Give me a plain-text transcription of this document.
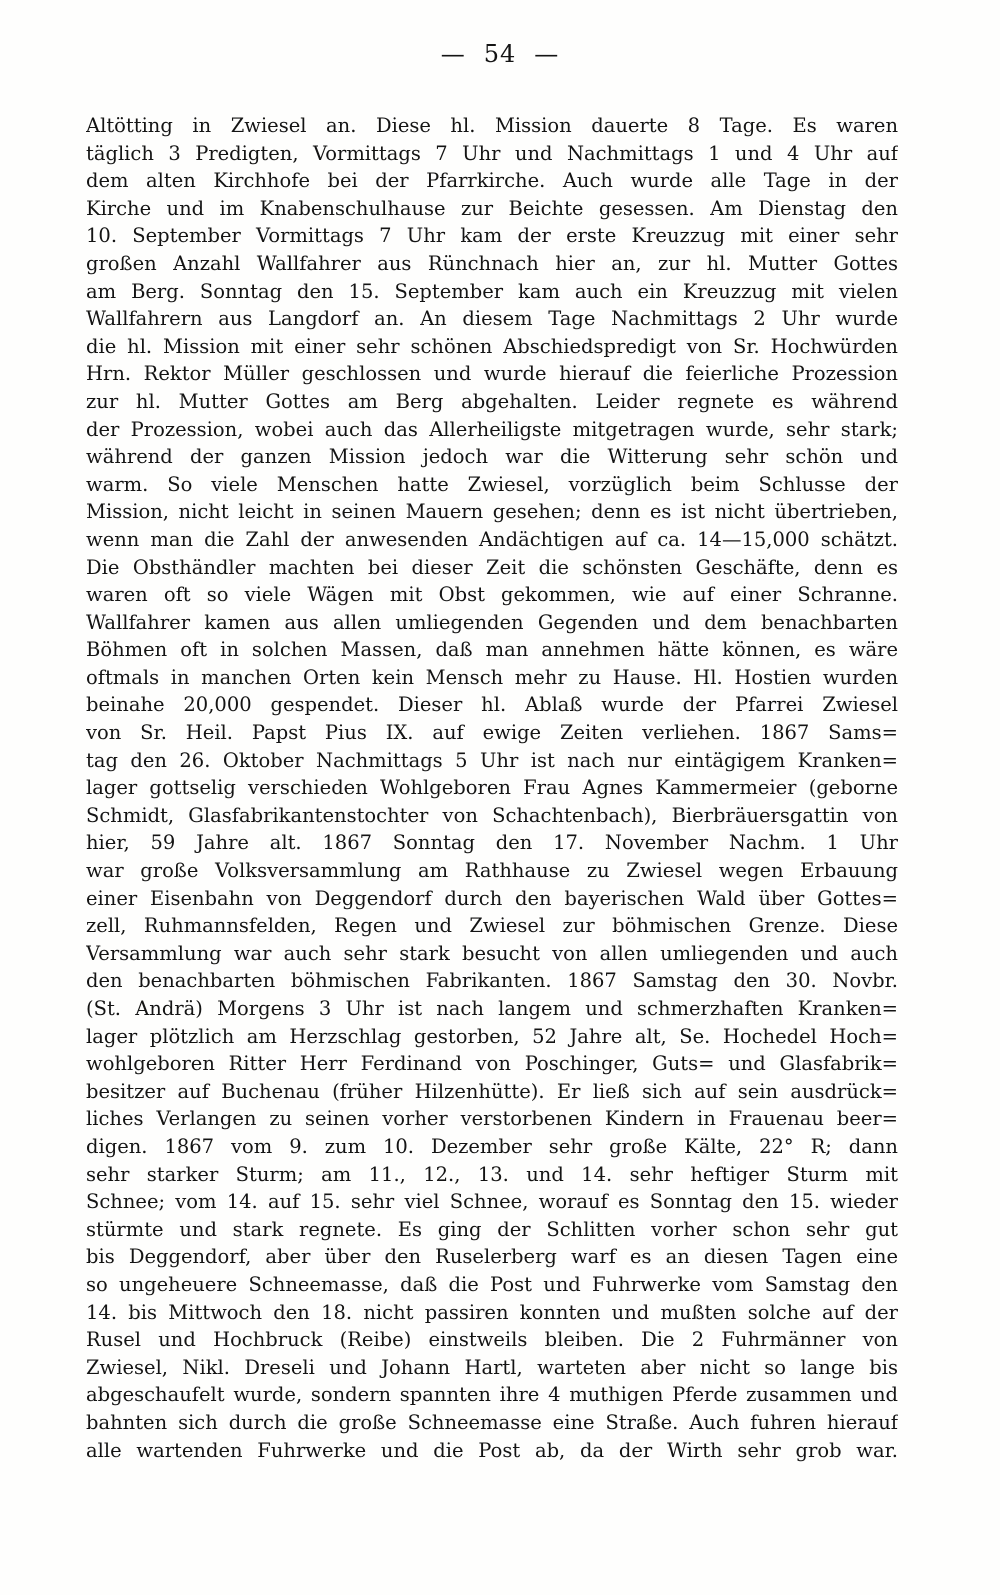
— 54 —
Altötting in Zwiesel an. Diese hl. Mission dauerte 8 Tage. Es waren
täglich 3 Predigten, Vormittags 7 Uhr und Nachmittags 1 und 4 Uhr auf
dem alten Kirchhofe bei der Pfarrkirche. Auch wurde alle Tage in der
Kirche und im Knabenschulhause zur Beichte gesessen. Am Dienstag den
10. September Vormittags 7 Uhr kam der erste Kreuzzug mit einer sehr
großen Anzahl Wallfahrer aus Rünchnach hier an, zur hl. Mutter Gottes
am Berg. Sonntag den 15. September kam auch ein Kreuzzug mit vielen
Wallfahrern aus Langdorf an. An diesem Tage Nachmittags 2 Uhr wurde
die hl. Mission mit einer sehr schönen Abschiedspredigt von Sr. Hochwürden
Hrn. Rektor Müller geschlossen und wurde hierauf die feierliche Prozession
zur hl. Mutter Gottes am Berg abgehalten. Leider regnete es während
der Prozession, wobei auch das Allerheiligste mitgetragen wurde, sehr stark;
während der ganzen Mission jedoch war die Witterung sehr schön und
warm. So viele Menschen hatte Zwiesel, vorzüglich beim Schlusse der
Mission, nicht leicht in seinen Mauern gesehen; denn es ist nicht übertrieben,
wenn man die Zahl der anwesenden Andächtigen auf ca. 14—15,000 schätzt.
Die Obsthändler machten bei dieser Zeit die schönsten Geschäfte, denn es
waren oft so viele Wägen mit Obst gekommen, wie auf einer Schranne.
Wallfahrer kamen aus allen umliegenden Gegenden und dem benachbarten
Böhmen oft in solchen Massen, daß man annehmen hätte können, es wäre
oftmals in manchen Orten kein Mensch mehr zu Hause. Hl. Hostien wurden
beinahe 20,000 gespendet. Dieser hl. Ablaß wurde der Pfarrei Zwiesel
von Sr. Heil. Papst Pius IX. auf ewige Zeiten verliehen. 1867 Sams=
tag den 26. Oktober Nachmittags 5 Uhr ist nach nur eintägigem Kranken=
lager gottselig verschieden Wohlgeboren Frau Agnes Kammermeier (geborne
Schmidt, Glasfabrikantenstochter von Schachtenbach), Bierbräuersgattin von
hier, 59 Jahre alt. 1867 Sonntag den 17. November Nachm. 1 Uhr
war große Volksversammlung am Rathhause zu Zwiesel wegen Erbauung
einer Eisenbahn von Deggendorf durch den bayerischen Wald über Gottes=
zell, Ruhmannsfelden, Regen und Zwiesel zur böhmischen Grenze. Diese
Versammlung war auch sehr stark besucht von allen umliegenden und auch
den benachbarten böhmischen Fabrikanten. 1867 Samstag den 30. Novbr.
(St. Andrä) Morgens 3 Uhr ist nach langem und schmerzhaften Kranken=
lager plötzlich am Herzschlag gestorben, 52 Jahre alt, Se. Hochedel Hoch=
wohlgeboren Ritter Herr Ferdinand von Poschinger, Guts= und Glasfabrik=
besitzer auf Buchenau (früher Hilzenhütte). Er ließ sich auf sein ausdrück=
liches Verlangen zu seinen vorher verstorbenen Kindern in Frauenau beer=
digen. 1867 vom 9. zum 10. Dezember sehr große Kälte, 22° R; dann
sehr starker Sturm; am 11., 12., 13. und 14. sehr heftiger Sturm mit
Schnee; vom 14. auf 15. sehr viel Schnee, worauf es Sonntag den 15. wieder
stürmte und stark regnete. Es ging der Schlitten vorher schon sehr gut
bis Deggendorf, aber über den Ruselerberg warf es an diesen Tagen eine
so ungeheuere Schneemasse, daß die Post und Fuhrwerke vom Samstag den
14. bis Mittwoch den 18. nicht passiren konnten und mußten solche auf der
Rusel und Hochbruck (Reibe) einstweils bleiben. Die 2 Fuhrmänner von
Zwiesel, Nikl. Dreseli und Johann Hartl, warteten aber nicht so lange bis
abgeschaufelt wurde, sondern spannten ihre 4 muthigen Pferde zusammen und
bahnten sich durch die große Schneemasse eine Straße. Auch fuhren hierauf
alle wartenden Fuhrwerke und die Post ab, da der Wirth sehr grob war.
